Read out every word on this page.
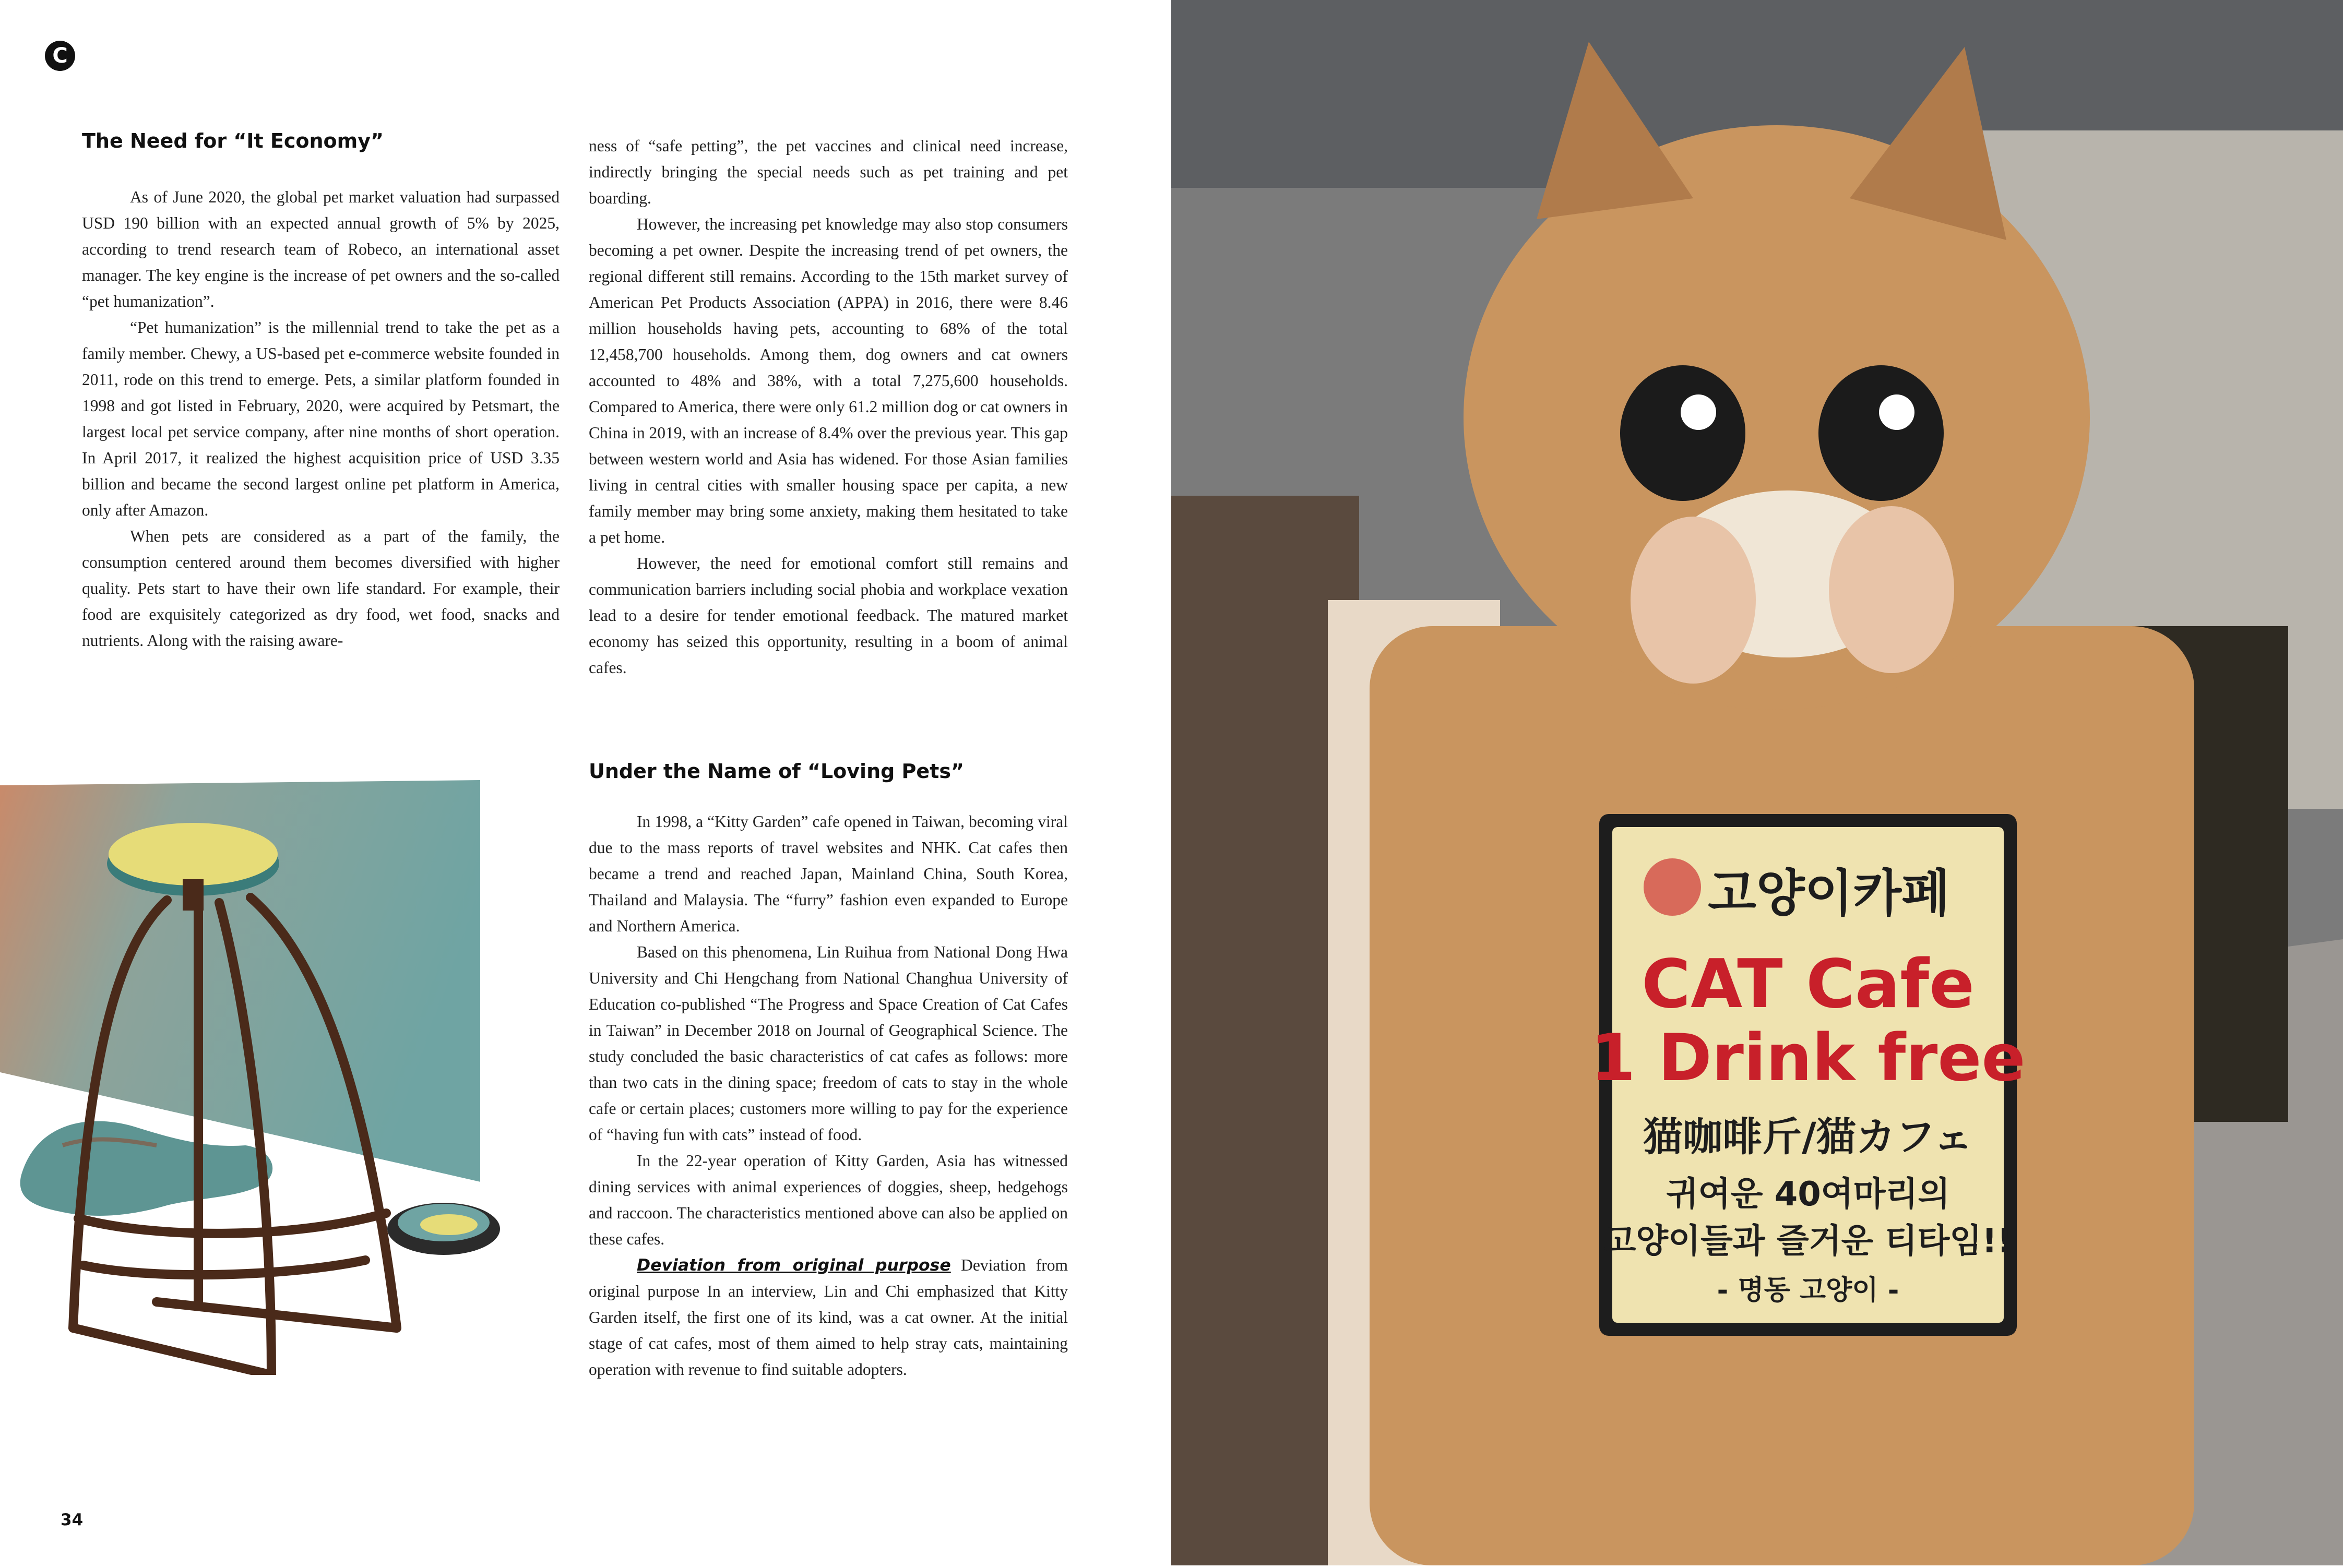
C
The Need for “It Economy”

As of June 2020, the global pet market valuation had surpassed USD 190 billion with an expected annual growth of 5% by 2025, according to trend research team of Robeco, an international asset manager. The key engine is the increase of pet owners and the so-called “pet humanization”.

“Pet humanization” is the millennial trend to take the pet as a family member. Chewy, a US-based pet e-commerce website founded in 2011, rode on this trend to emerge. Pets, a similar platform founded in 1998 and got listed in February, 2020, were acquired by Petsmart, the largest local pet service company, after nine months of short operation. In April 2017, it realized the highest acquisition price of USD 3.35 billion and became the second largest online pet platform in America, only after Amazon.

When pets are considered as a part of the family, the consumption centered around them becomes diversified with higher quality. Pets start to have their own life standard. For example, their food are exquisitely categorized as dry food, wet food, snacks and nutrients. Along with the raising aware-

ness of “safe petting”, the pet vaccines and clinical need increase, indirectly bringing the special needs such as pet training and pet boarding.

However, the increasing pet knowledge may also stop consumers becoming a pet owner. Despite the increasing trend of pet owners, the regional different still remains. According to the 15th market survey of American Pet Products Association (APPA) in 2016, there were 8.46 million households having pets, accounting to 68% of the total 12,458,700 households. Among them, dog owners and cat owners accounted to 48% and 38%, with a total 7,275,600 households. Compared to America, there were only 61.2 million dog or cat owners in China in 2019, with an increase of 8.4% over the previous year. This gap between western world and Asia has widened. For those Asian families living in central cities with smaller housing space per capita, a new family member may bring some anxiety, making them hesitated to take a pet home.

However, the need for emotional comfort still remains and communication barriers including social phobia and workplace vexation lead to a desire for tender emotional feedback. The matured market economy has seized this opportunity, resulting in a boom of animal cafes.

Under the Name of “Loving Pets”

In 1998, a “Kitty Garden” cafe opened in Taiwan, becoming viral due to the mass reports of travel websites and NHK. Cat cafes then became a trend and reached Japan, Mainland China, South Korea, Thailand and Malaysia. The “furry” fashion even expanded to Europe and Northern America.

Based on this phenomena, Lin Ruihua from National Dong Hwa University and Chi Hengchang from National Changhua University of Education co-published “The Progress and Space Creation of Cat Cafes in Taiwan” in December 2018 on Journal of Geographical Science. The study concluded the basic characteristics of cat cafes as follows: more than two cats in the dining space; freedom of cats to stay in the whole cafe or certain places; customers more willing to pay for the experience of “having fun with cats” instead of food.

In the 22-year operation of Kitty Garden, Asia has witnessed dining services with animal experiences of doggies, sheep, hedgehogs and raccoon. The characteristics mentioned above can also be applied on these cafes.

Deviation from original purpose Deviation from original purpose In an interview, Lin and Chi emphasized that Kitty Garden itself, the first one of its kind, was a cat owner. At the initial stage of cat cafes, most of them aimed to help stray cats, maintaining operation with revenue to find suitable adopters.

34
고양이카페
CAT Cafe
1 Drink free
猫咖啡斤/猫カフェ
귀여운 40여마리의
고양이들과 즐거운 티타임!!
- 명동 고양이 -
